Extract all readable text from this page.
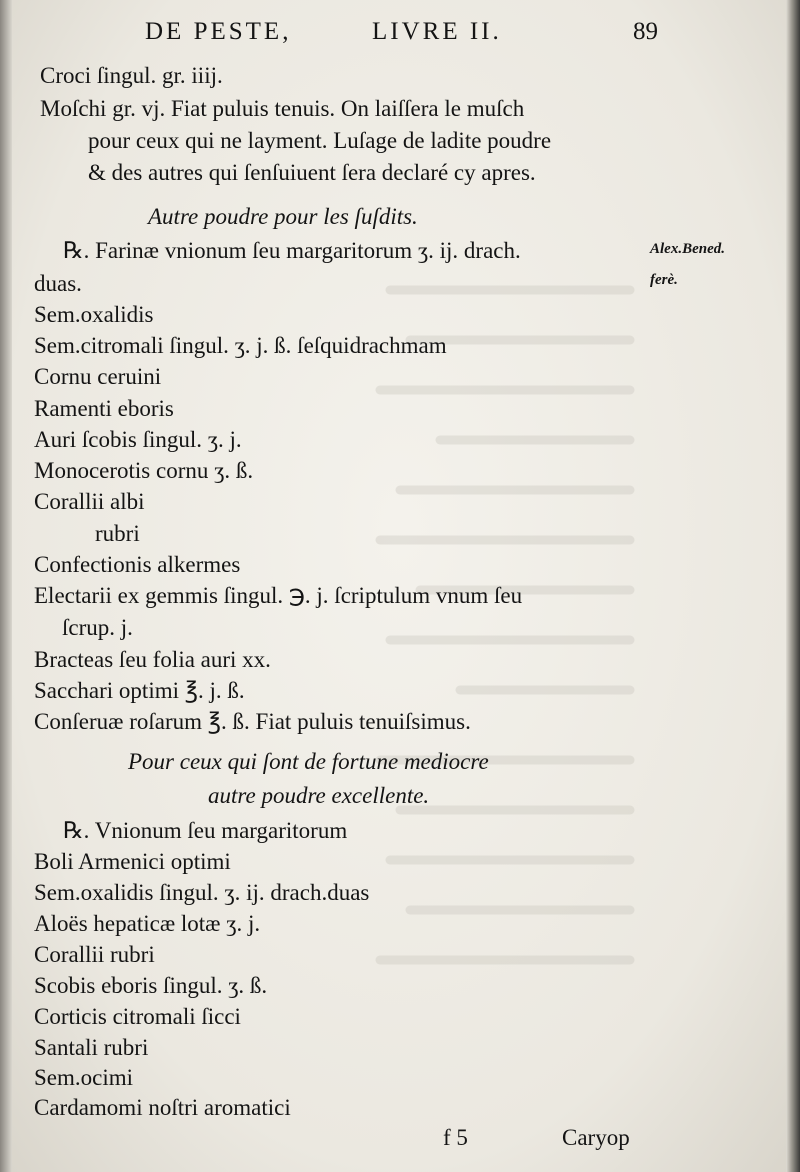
DE PESTE,	LIVRE II.	89
Croci ſingul. gr. iiij.
Moſchi gr. vj. Fiat puluis tenuis. On laiſſera le muſch
pour ceux qui ne layment. Luſage de ladite poudre
& des autres qui ſenſuiuent ſera declaré cy apres.
Autre poudre pour les ſuſdits.
℞. Farinæ vnionum ſeu margaritorum ʒ. ij. drach.
duas.
Sem.oxalidis
Sem.citromali ſingul. ʒ. j. ß. ſeſquidrachmam
Cornu ceruini
Ramenti eboris
Auri ſcobis ſingul. ʒ. j.
Monocerotis cornu ʒ. ß.
Corallii albi
rubri
Confectionis alkermes
Electarii ex gemmis ſingul. ℈. j. ſcriptulum vnum ſeu
ſcrup. j.
Bracteas ſeu folia auri xx.
Sacchari optimi ℥. j. ß.
Conſeruæ roſarum ℥. ß. Fiat puluis tenuiſsimus.
Pour ceux qui ſont de fortune mediocre
autre poudre excellente.
℞. Vnionum ſeu margaritorum
Boli Armenici optimi
Sem.oxalidis ſingul. ʒ. ij. drach.duas
Aloës hepaticæ lotæ ʒ. j.
Corallii rubri
Scobis eboris ſingul. ʒ. ß.
Corticis citromali ſicci
Santali rubri
Sem.ocimi
Cardamomi noſtri aromatici
Alex.Bened.
ferè.
f 5	Caryop
